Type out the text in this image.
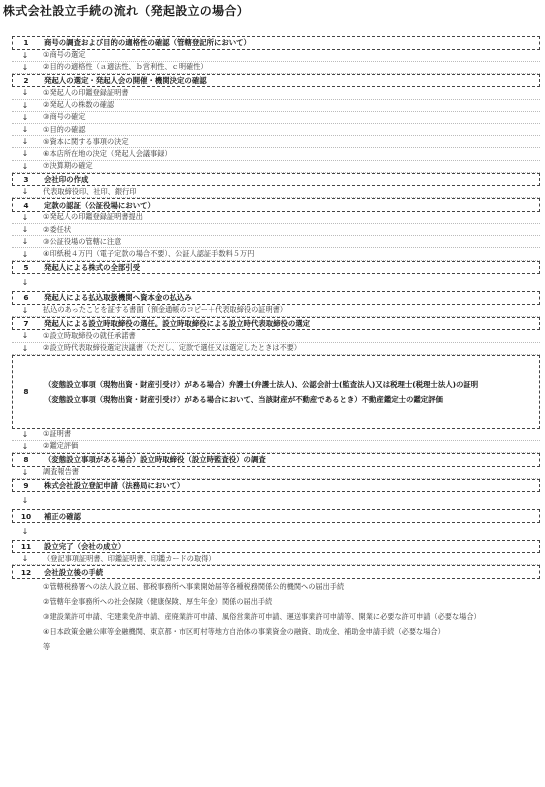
株式会社設立手続の流れ（発起設立の場合）
1	商号の調査および目的の適格性の確認（管轄登記所において）
↓	①商号の選定
↓	②目的の適格性（ａ適法性、ｂ営利性、ｃ明確性）
2	発起人の選定・発起人会の開催・機関決定の確認
↓	①発起人の印鑑登録証明書
↓	②発起人の株数の確認
↓	③商号の確定
↓	①目的の確認
↓	⑤資本に関する事項の決定
↓	⑥本店所在地の決定（発起人会議事録）
↓	⑦決算期の確定
3	会社印の作成
↓	代表取締役印、社印、銀行印
4	定款の認証（公証役場において）
↓	①発起人の印鑑登録証明書提出
↓	②委任状
↓	③公証役場の管轄に注意
↓	④印紙税４万円（電子定款の場合不要）、公証人認証手数料５万円
5	発起人による株式の全部引受
↓
6	発起人による払込取扱機関へ資本金の払込み
↓	払込のあったことを証する書面（預金通帳のコピー＋代表取締役の証明書）
7	発起人による設立時取締役の選任。設立時取締役による設立時代表取締役の選定
↓	①設立時取締役の就任承諾書
↓	②設立時代表取締役選定決議書（ただし、定款で選任又は選定したときは不要）
8
（変態設立事項（現物出資・財産引受け）がある場合）弁護士(弁護士法人)、公認会計士(監査法人)又は税理士(税理士法人)の証明
（変態設立事項（現物出資・財産引受け）がある場合において、当該財産が不動産であるとき）不動産鑑定士の鑑定評価
↓	①証明書
↓	②鑑定評価
8	（変態設立事項がある場合）設立時取締役（設立時監査役）の調査
↓	調査報告書
9	株式会社設立登記申請（法務局において）
↓
10	補正の確認
↓
11	設立完了（会社の成立）
↓	（登記事項証明書、印鑑証明書、印鑑カードの取得）
12	会社設立後の手続
①管轄税務署への法人設立届、都税事務所へ事業開始届等各種税務関係公的機関への届出手続
②管轄年金事務所への社会保険（健康保険、厚生年金）関係の届出手続
③建設業許可申請、宅建業免許申請、産廃業許可申請、風俗営業許可申請、運送事業許可申請等、開業に必要な許可申請（必要な場合）
④日本政策金融公庫等金融機関、東京都・市区町村等地方自治体の事業資金の融資、助成金、補助金申請手続（必要な場合）
等
